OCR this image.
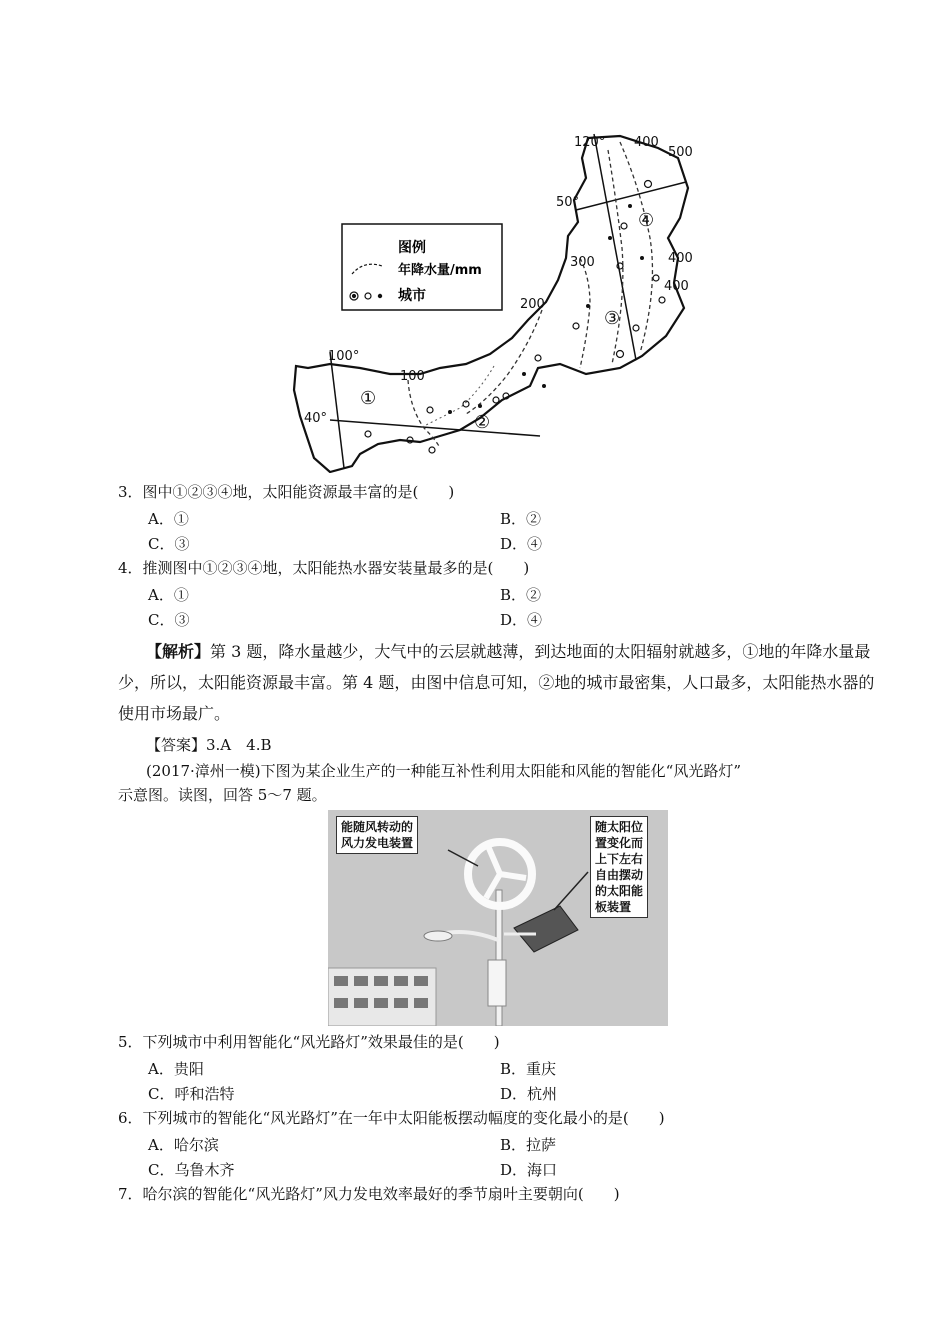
图例
年降水量/mm
城市
120° 400
500
50°
400
400
300
200
100
100°
40°
①
②
③
④
3．图中①②③④地，太阳能资源最丰富的是(　　)
A．①	B．②
C．③	D．④
4．推测图中①②③④地，太阳能热水器安装量最多的是(　　)
A．①	B．②
C．③	D．④
【解析】第 3 题，降水量越少，大气中的云层就越薄，到达地面的太阳辐射就越多，①地的年降水量最少，所以，太阳能资源最丰富。第 4 题，由图中信息可知，②地的城市最密集，人口最多，太阳能热水器的使用市场最广。
【答案】3.A　4.B
(2017·漳州一模)下图为某企业生产的一种能互补性利用太阳能和风能的智能化“风光路灯”
示意图。读图，回答 5～7 题。
能随风转动的
风力发电装置
随太阳位
置变化而
上下左右
自由摆动
的太阳能
板装置
5．下列城市中利用智能化“风光路灯”效果最佳的是(　　)
A．贵阳	B．重庆
C．呼和浩特	D．杭州
6．下列城市的智能化“风光路灯”在一年中太阳能板摆动幅度的变化最小的是(　　)
A．哈尔滨	B．拉萨
C．乌鲁木齐	D．海口
7．哈尔滨的智能化“风光路灯”风力发电效率最好的季节扇叶主要朝向(　　)
